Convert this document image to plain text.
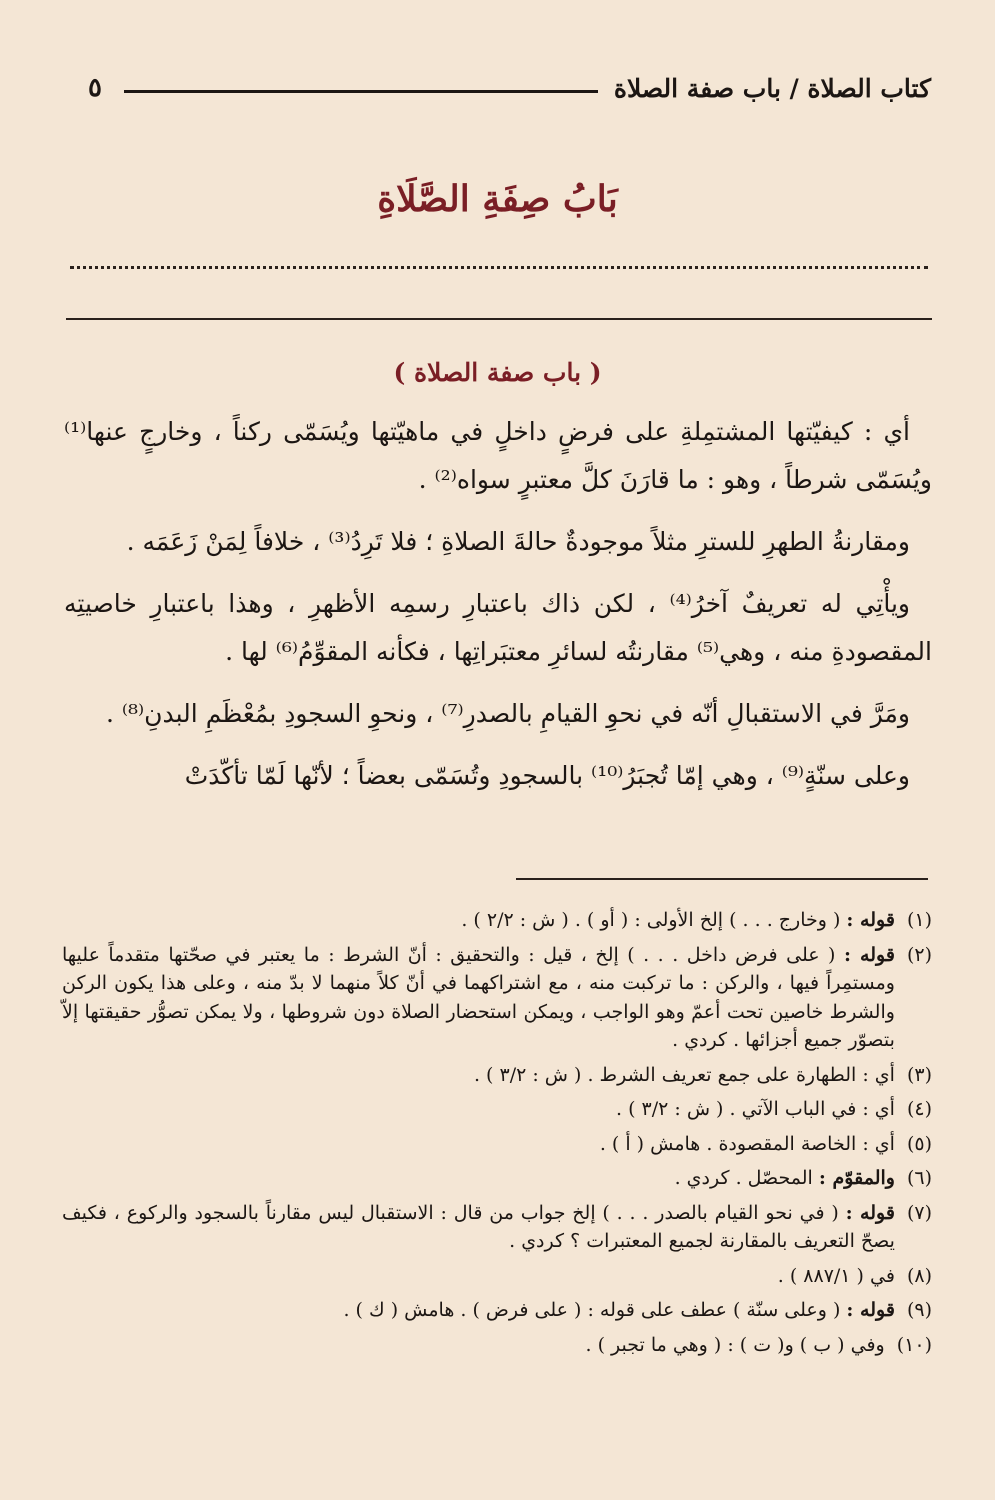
كتاب الصلاة / باب صفة الصلاة
٥
بَابُ صِفَةِ الصَّلَاةِ
( باب صفة الصلاة )

أي : كيفيّتها المشتمِلةِ على فرضٍ داخلٍ في ماهيّتها ويُسَمّى ركناً ، وخارجٍ عنها⁽¹⁾ ويُسَمّى شرطاً ، وهو : ما قارَنَ كلَّ معتبرٍ سواه⁽²⁾ .

ومقارنةُ الطهرِ للسترِ مثلاً موجودةٌ حالةَ الصلاةِ ؛ فلا تَرِدُ⁽³⁾ ، خلافاً لِمَنْ زَعَمَه .

ويأْتِي له تعريفٌ آخرُ⁽⁴⁾ ، لكن ذاك باعتبارِ رسمِه الأظهرِ ، وهذا باعتبارِ خاصيتِه المقصودةِ منه ، وهي⁽⁵⁾ مقارنتُه لسائرِ معتبَراتِها ، فكأنه المقوِّمُ⁽⁶⁾ لها .

ومَرَّ في الاستقبالِ أنّه في نحوِ القيامِ بالصدرِ⁽⁷⁾ ، ونحوِ السجودِ بمُعْظَمِ البدنِ⁽⁸⁾ .

وعلى سنّةٍ⁽⁹⁾ ، وهي إمّا تُجبَرُ⁽¹⁰⁾ بالسجودِ وتُسَمّى بعضاً ؛ لأنّها لَمّا تأكّدَتْ

(١)
قوله : ( وخارج . . . ) إلخ الأولى : ( أو ) . ( ش : ٢/٢ ) .
(٢)
قوله : ( على فرض داخل . . . ) إلخ ، قيل : والتحقيق : أنّ الشرط : ما يعتبر في صحّتها متقدماً عليها ومستمِراً فيها ، والركن : ما تركبت منه ، مع اشتراكهما في أنّ كلاً منهما لا بدّ منه ، وعلى هذا يكون الركن والشرط خاصين تحت أعمّ وهو الواجب ، ويمكن استحضار الصلاة دون شروطها ، ولا يمكن تصوُّر حقيقتها إلاّ بتصوّر جميع أجزائها . كردي .
(٣)
أي : الطهارة على جمع تعريف الشرط . ( ش : ٣/٢ ) .
(٤)
أي : في الباب الآتي . ( ش : ٣/٢ ) .
(٥)
أي : الخاصة المقصودة . هامش ( أ ) .
(٦)
والمقوّم : المحصّل . كردي .
(٧)
قوله : ( في نحو القيام بالصدر . . . ) إلخ جواب من قال : الاستقبال ليس مقارناً بالسجود والركوع ، فكيف يصحّ التعريف بالمقارنة لجميع المعتبرات ؟ كردي .
(٨)
في ( ٨٨٧/١ ) .
(٩)
قوله : ( وعلى سنّة ) عطف على قوله : ( على فرض ) . هامش ( ك ) .
(١٠)
وفي ( ب ) و( ت ) : ( وهي ما تجبر ) .
